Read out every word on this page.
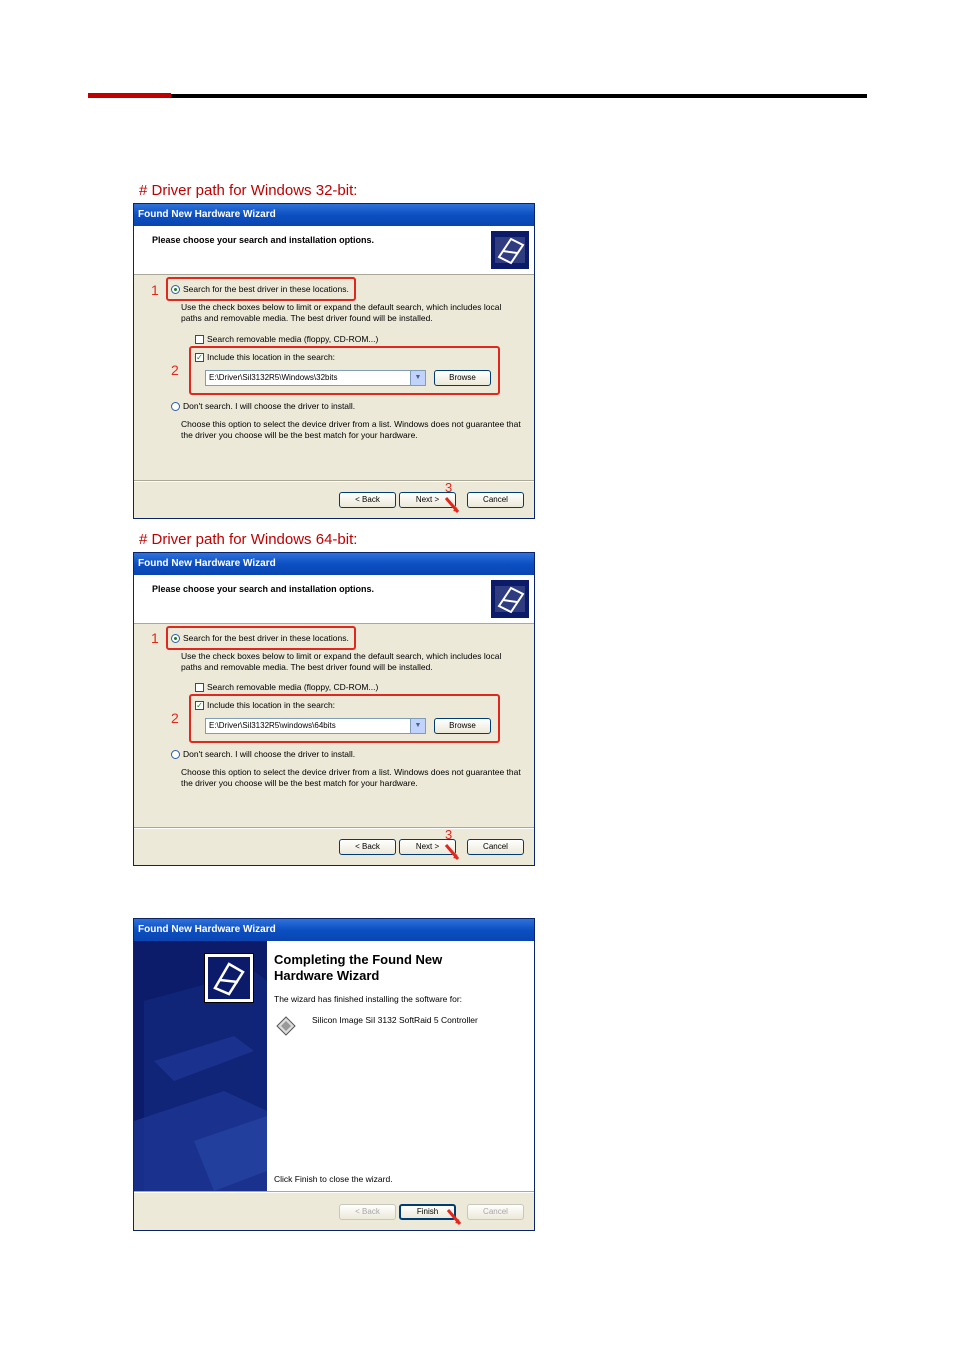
# Driver path for Windows 32-bit:
Found New Hardware Wizard
Please choose your search and installation options.
1	Search for the best driver in these locations.
Use the check boxes below to limit or expand the default search, which includes local
paths and removable media. The best driver found will be installed.
Search removable media (floppy, CD-ROM...)
2
✓ Include this location in the search:
E:\Driver\Sil3132R5\Windows\32bits	▼	Browse
Don't search. I will choose the driver to install.
Choose this option to select the device driver from a list. Windows does not guarantee that
the driver you choose will be the best match for your hardware.
< Back	Next >	Cancel
3
# Driver path for Windows 64-bit:
Found New Hardware Wizard
Please choose your search and installation options.
1	Search for the best driver in these locations.
Use the check boxes below to limit or expand the default search, which includes local
paths and removable media. The best driver found will be installed.
Search removable media (floppy, CD-ROM...)
2
✓ Include this location in the search:
E:\Driver\Sil3132R5\windows\64bits	▼	Browse
Don't search. I will choose the driver to install.
Choose this option to select the device driver from a list. Windows does not guarantee that
the driver you choose will be the best match for your hardware.
< Back	Next >	Cancel
3
Found New Hardware Wizard
Completing the Found New
Hardware Wizard
The wizard has finished installing the software for:
Silicon Image SiI 3132 SoftRaid 5 Controller
Click Finish to close the wizard.
< Back	Finish	Cancel
